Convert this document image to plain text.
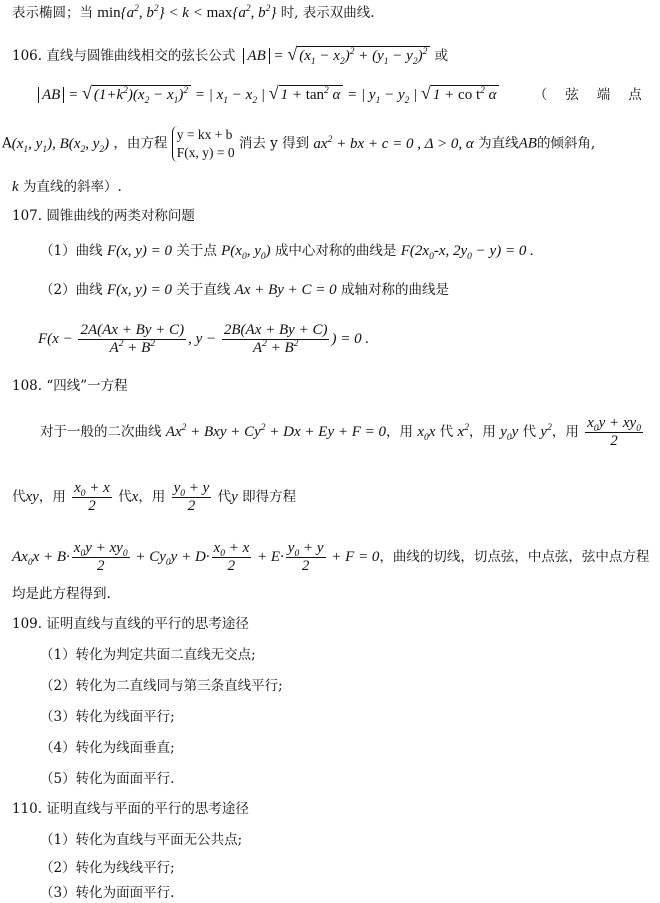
表示椭圆；当 $\min\{a^2$, $b^2\} < k < \max\{a^2$, $b^2$} 时, 表示双曲线.
106. 直线与圆锥曲线相交的弦长公式 AB = √ $(x_1 - x_2)^2 + (y_1 - y_2)^2$ 或
AB = √ $(1+k^2)(x_2 - x_1)^2$ = | $x_1 - x_2$ | √ $1 + \tan^2 \alpha$ = | $y_1 - y_2$ | √ 1 + co $t^2$ α	（弦端点
$A(x_1$, $y_1$), $B(x_2$, $y_2$) ，由方程
y = kx + b
F(x, y) = 0
消去 y 得到 $ax^2$ + bx + c = 0 , Δ > 0, α 为直线AB的倾斜角,
k 为直线的斜率）.
107. 圆锥曲线的两类对称问题
（1）曲线 F(x, y) = 0 关于点 $P(x_0$, $y_0$) 成中心对称的曲线是 $F(2x_0-x$, $2y_0 - y) = 0$ .
（2）曲线 F(x, y) = 0 关于直线 Ax + By + C = 0 成轴对称的曲线是
$F(x - \frac{2A(Ax + By + C)}{A^2 + B^2}$ , $y - \frac{2B(Ax + By + C)}{A^2 + B^2}$ ) = 0 .
108. “四线”一方程
对于一般的二次曲线 $Ax^2$ + Bxy + $Cy^2 + Dx + Ey + F = 0$，用 $x_0x$ 代 $x^2$，用 $y_0y$ 代 $y^2$，用 $\frac{x_0y + xy_0}{2}$
代xy，用 $\frac{x_0 + x}{2}$ 代x，用 $\frac{y_0 + y}{2}$ 代y 即得方程
$Ax_0x + B\cdot \frac{x_0y + xy_0}{2} + Cy_0y + D\cdot \frac{x_0 + x}{2} + E\cdot \frac{y_0 + y}{2} + F = 0$，曲线的切线，切点弦，中点弦，弦中点方程
均是此方程得到.
109. 证明直线与直线的平行的思考途径
（1）转化为判定共面二直线无交点;
（2）转化为二直线同与第三条直线平行;
（3）转化为线面平行;
（4）转化为线面垂直;
（5）转化为面面平行.
110. 证明直线与平面的平行的思考途径
（1）转化为直线与平面无公共点;
（2）转化为线线平行;
（3）转化为面面平行.
